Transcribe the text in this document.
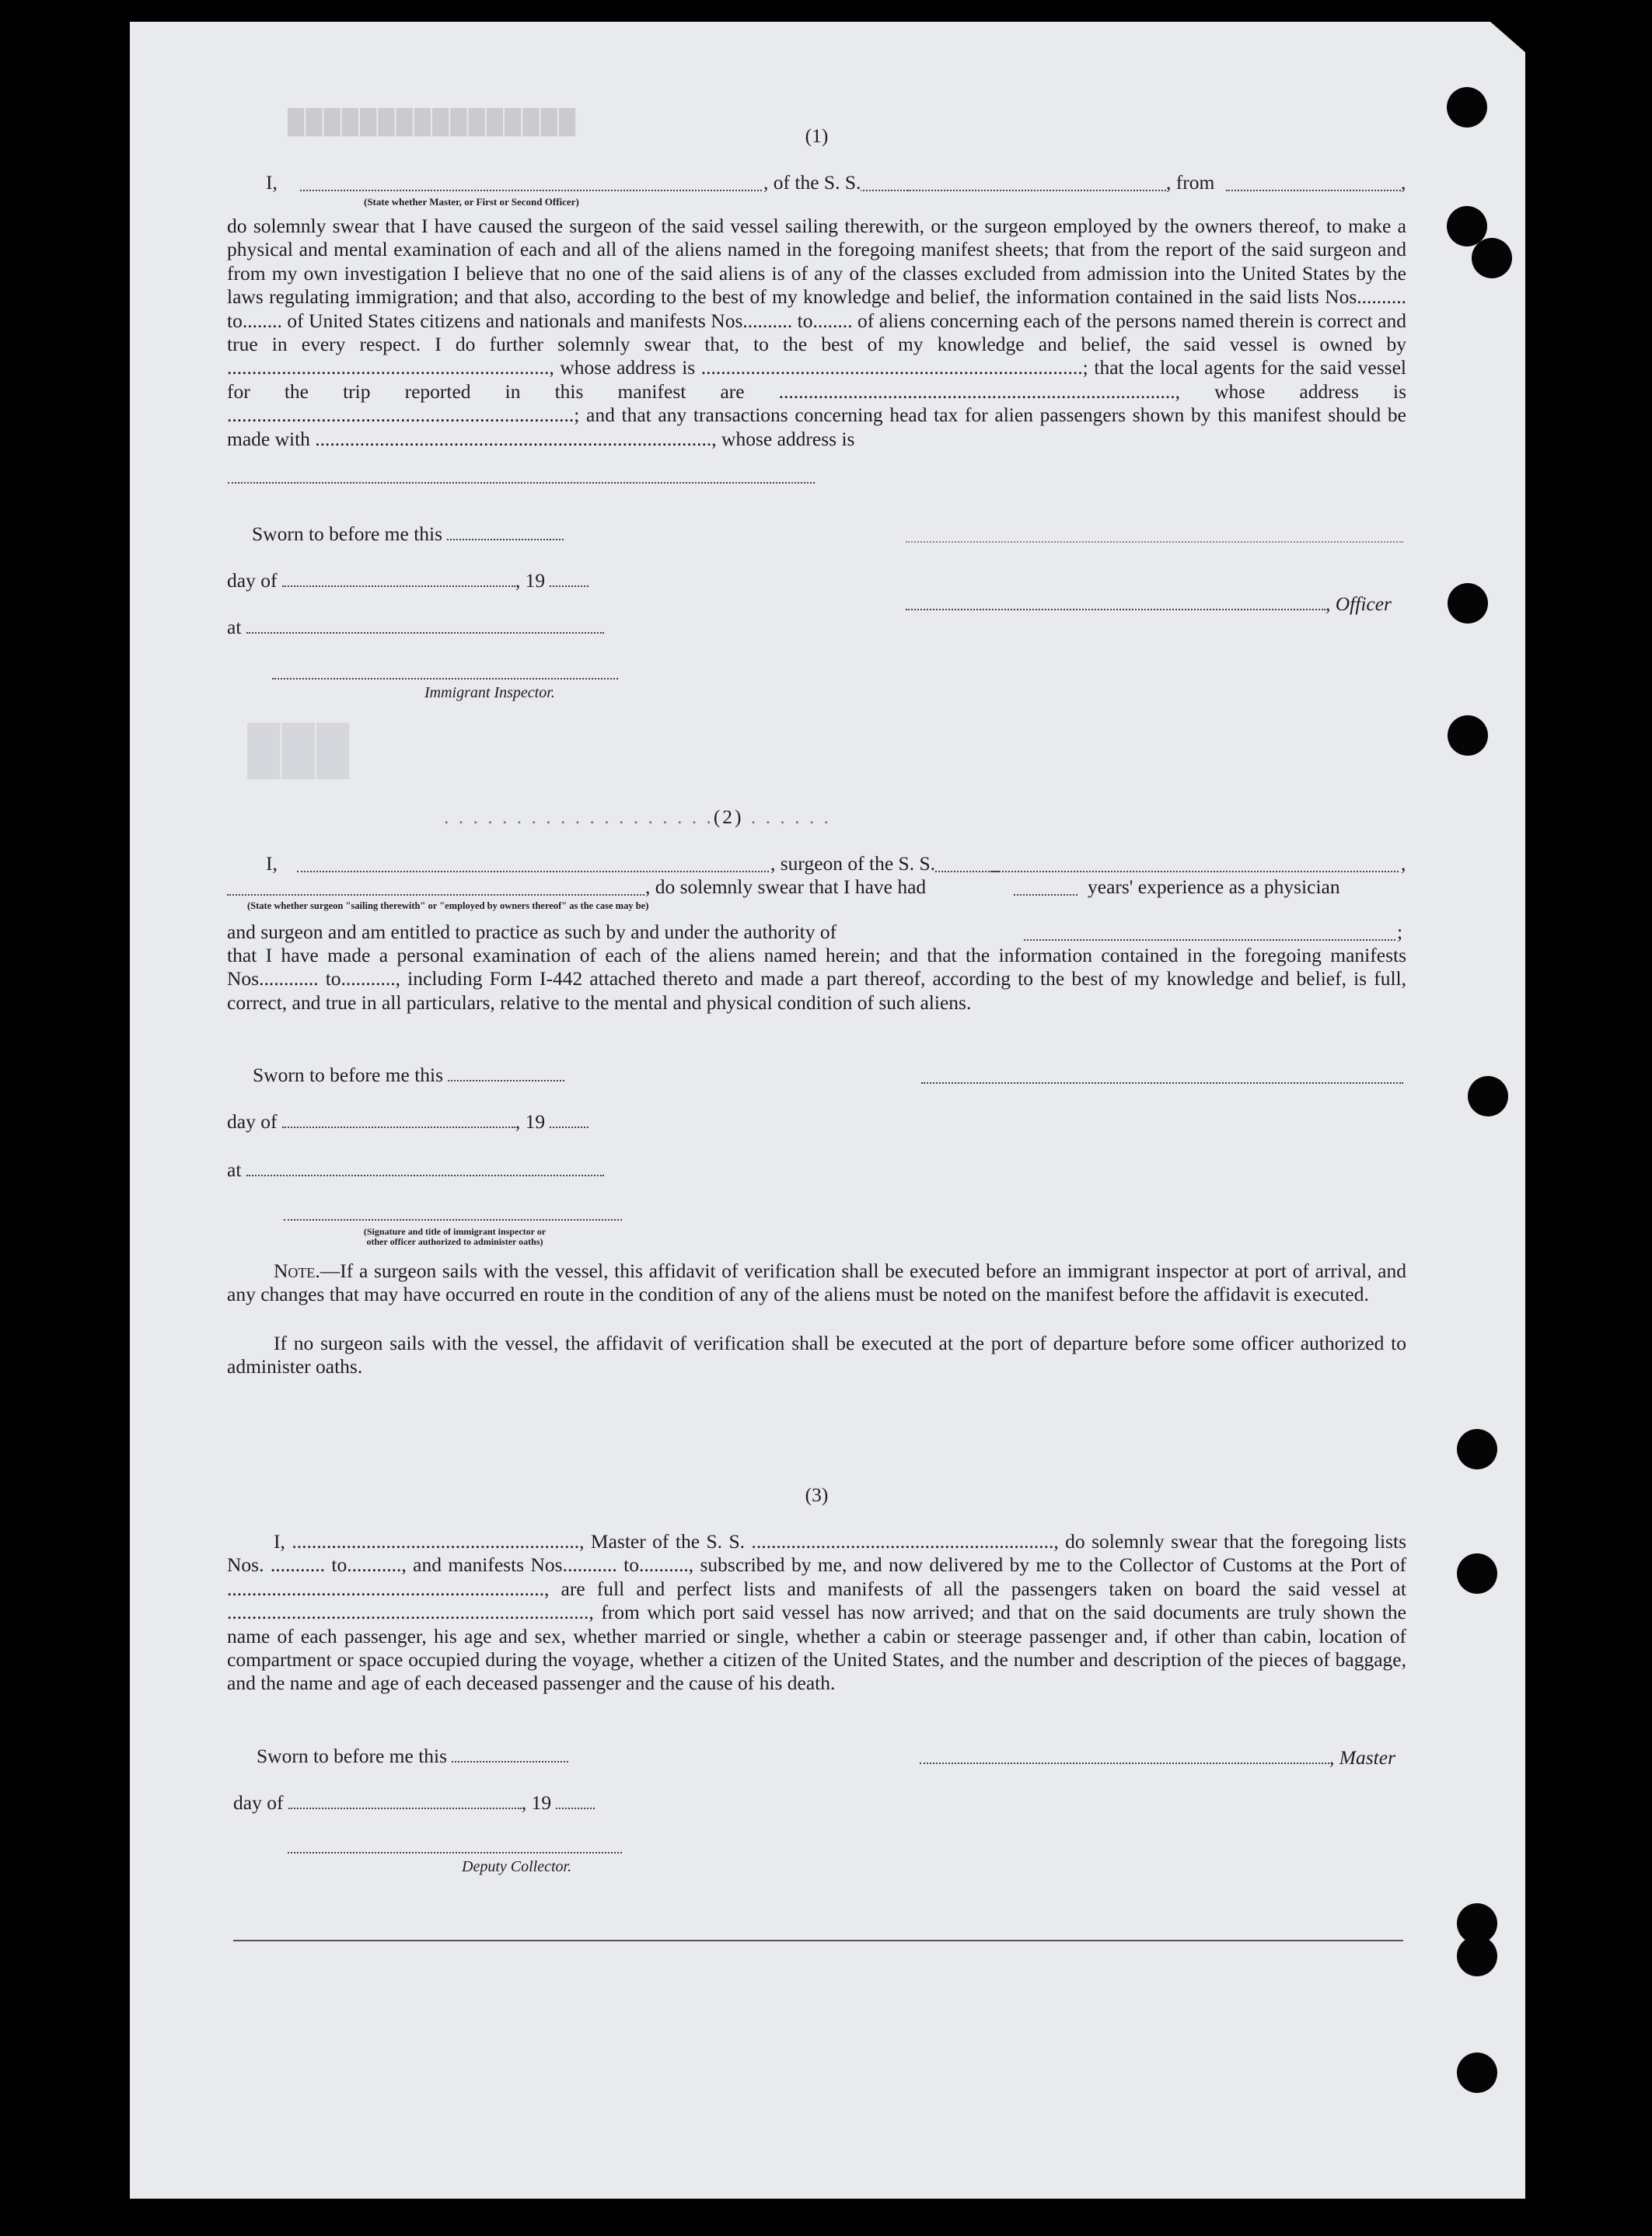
████████████████
███
(1)
I,	, of the S. S.	, from	,
(State whether Master, or First or Second Officer)
do solemnly swear that I have caused the surgeon of the said vessel sailing therewith, or the surgeon employed by the owners thereof, to make a physical and mental examination of each and all of the aliens named in the foregoing manifest sheets; that from the report of the said surgeon and from my own investigation I believe that no one of the said aliens is of any of the classes excluded from admission into the United States by the laws regulating immigration; and that also, according to the best of my knowledge and belief, the information contained in the said lists Nos.......... to........ of United States citizens and nationals and manifests Nos.......... to........ of aliens concerning each of the persons named therein is correct and true in every respect. I do further solemnly swear that, to the best of my knowledge and belief, the said vessel is owned by ................................................................., whose address is .............................................................................; that the local agents for the said vessel for the trip reported in this manifest are ................................................................................, whose address is ......................................................................; and that any transactions concerning head tax for alien passengers shown by this manifest should be made with ................................................................................, whose address is
Sworn to before me this
day of	, 19
at
, Officer
Immigrant Inspector.
. . . . . . . . . . . . . . . . . . .(2) . . . . . .
I,	, surgeon of the S. S.	,
, do solemnly swear that I have had	years' experience as a physician
(State whether surgeon "sailing therewith" or "employed by owners thereof" as the case may be)
and surgeon and am entitled to practice as such by and under the authority of	;
that I have made a personal examination of each of the aliens named herein; and that the information contained in the foregoing manifests Nos............ to..........., including Form I-442 attached thereto and made a part thereof, according to the best of my knowledge and belief, is full, correct, and true in all particulars, relative to the mental and physical condition of such aliens.
Sworn to before me this
day of	, 19
at
(Signature and title of immigrant inspector or
other officer authorized to administer oaths)
Note.—If a surgeon sails with the vessel, this affidavit of verification shall be executed before an immigrant inspector at port of arrival, and any changes that may have occurred en route in the condition of any of the aliens must be noted on the manifest before the affidavit is executed.
If no surgeon sails with the vessel, the affidavit of verification shall be executed at the port of departure before some officer authorized to administer oaths.
(3)
I, .........................................................., Master of the S. S. ............................................................., do solemnly swear that the foregoing lists Nos. ........... to..........., and manifests Nos........... to.........., subscribed by me, and now delivered by me to the Collector of Customs at the Port of ................................................................, are full and perfect lists and manifests of all the passengers taken on board the said vessel at ........................................................................., from which port said vessel has now arrived; and that on the said documents are truly shown the name of each passenger, his age and sex, whether married or single, whether a cabin or steerage passenger and, if other than cabin, location of compartment or space occupied during the voyage, whether a citizen of the United States, and the number and description of the pieces of baggage, and the name and age of each deceased passenger and the cause of his death.
Sworn to before me this	, Master
day of	, 19
Deputy Collector.
